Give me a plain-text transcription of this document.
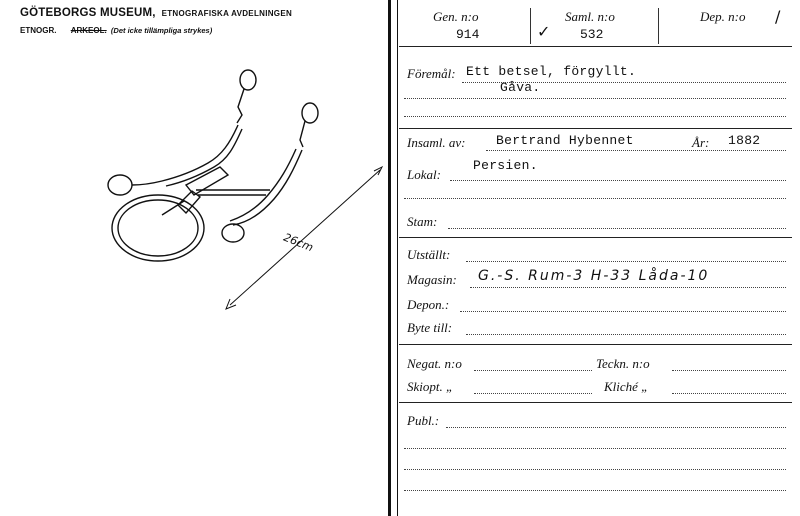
GÖTEBORGS MUSEUM, ETNOGRAFISKA AVDELNINGEN
ETNOGR. ARKEOL. (Det icke tillämpliga strykes)
26cm
Gen. n:o
914
Saml. n:o
✓ 532
Dep. n:o /
Föremål: Ett betsel, förgyllt.
Gåva.
Insaml. av: Bertrand Hybennet	År: 1882
Lokal:
Persien.
Stam:
Utställt:
Magasin: G.-S. Rum-3 H-33 Låda-10
Depon.:
Byte till:
Negat. n:o	Teckn. n:o
Skiopt. „	Kliché „
Publ.:
